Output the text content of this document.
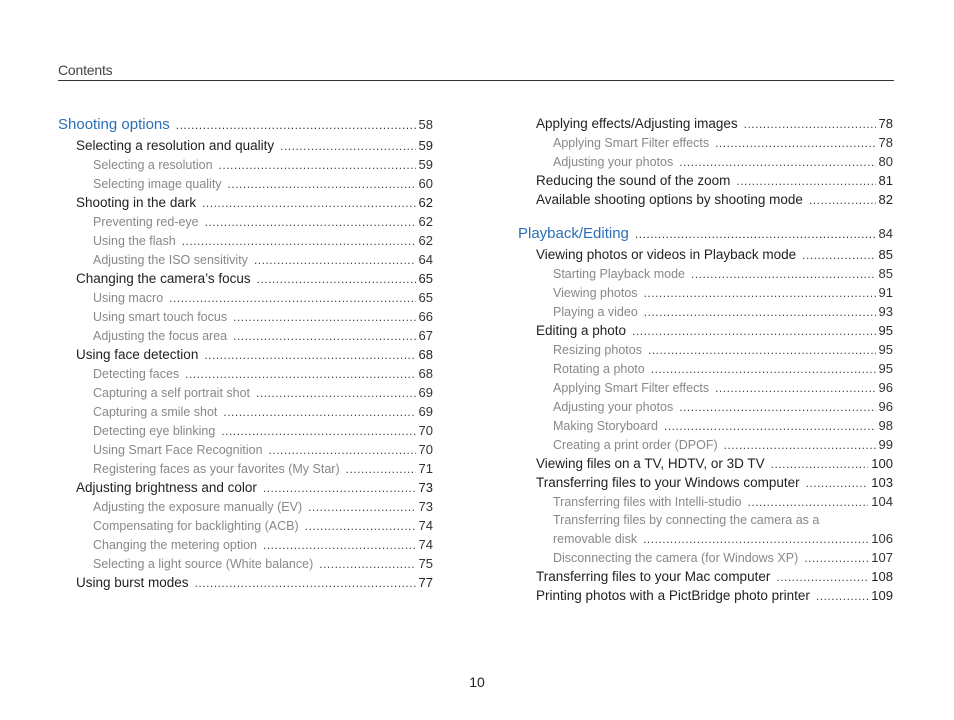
Contents
Shooting options .....	58
Selecting a resolution and quality .....	59
Selecting a resolution .....	59
Selecting image quality .....	60
Shooting in the dark .....	62
Preventing red-eye .....	62
Using the flash .....	62
Adjusting the ISO sensitivity .....	64
Changing the camera’s focus .....	65
Using macro .....	65
Using smart touch focus .....	66
Adjusting the focus area .....	67
Using face detection .....	68
Detecting faces .....	68
Capturing a self portrait shot .....	69
Capturing a smile shot .....	69
Detecting eye blinking .....	70
Using Smart Face Recognition .....	70
Registering faces as your favorites (My Star) .....	71
Adjusting brightness and color .....	73
Adjusting the exposure manually (EV) .....	73
Compensating for backlighting (ACB) .....	74
Changing the metering option .....	74
Selecting a light source (White balance) .....	75
Using burst modes .....	77
Applying effects/Adjusting images .....	78
Applying Smart Filter effects .....	78
Adjusting your photos .....	80
Reducing the sound of the zoom .....	81
Available shooting options by shooting mode .....	82
Playback/Editing .....	84
Viewing photos or videos in Playback mode .....	85
Starting Playback mode .....	85
Viewing photos .....	91
Playing a video .....	93
Editing a photo .....	95
Resizing photos .....	95
Rotating a photo .....	95
Applying Smart Filter effects .....	96
Adjusting your photos .....	96
Making Storyboard .....	98
Creating a print order (DPOF) .....	99
Viewing files on a TV, HDTV, or 3D TV .....	100
Transferring files to your Windows computer .....	103
Transferring files with Intelli-studio .....	104
Transferring files by connecting the camera as a
removable disk .....	106
Disconnecting the camera (for Windows XP) .....	107
Transferring files to your Mac computer .....	108
Printing photos with a PictBridge photo printer .....	109
10
